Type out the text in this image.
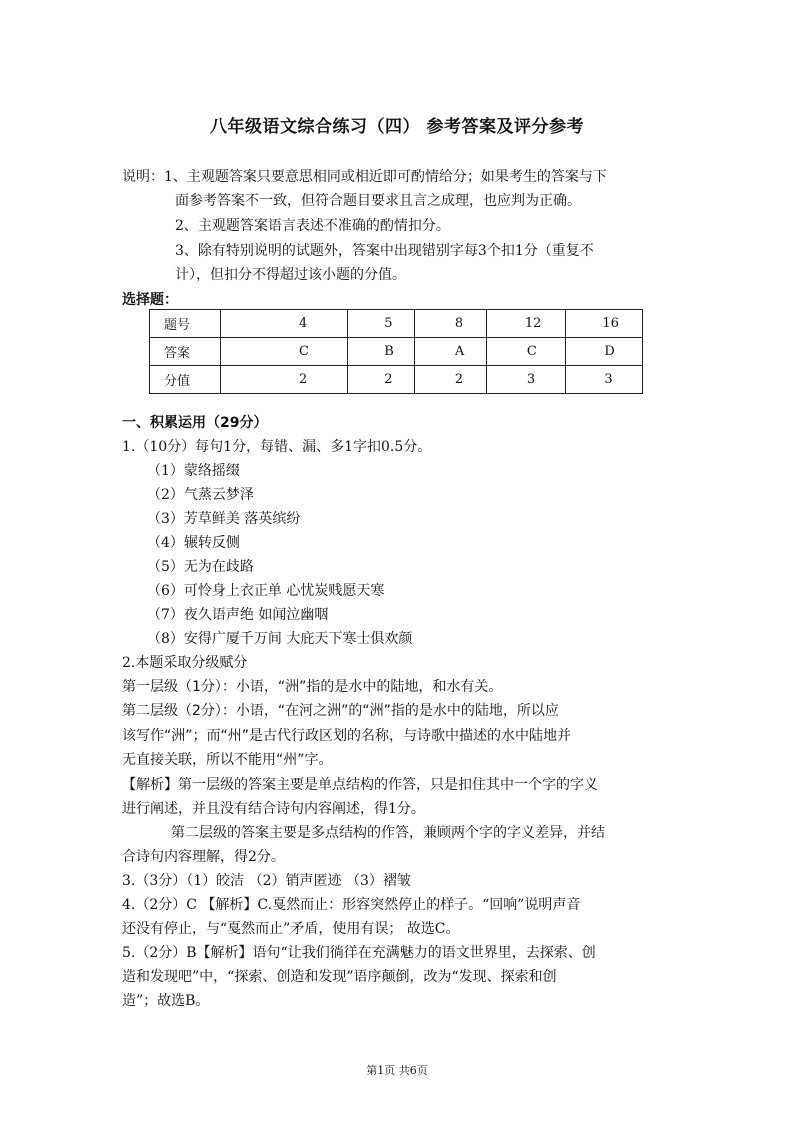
八年级语文综合练习（四） 参考答案及评分参考
说明：1、主观题答案只要意思相同或相近即可酌情给分；如果考生的答案与下
面参考答案不一致，但符合题目要求且言之成理，也应判为正确。
2、主观题答案语言表述不准确的酌情扣分。
3、除有特别说明的试题外，答案中出现错别字每3个扣1分（重复不
计），但扣分不得超过该小题的分值。
选择题：
题号	4	5	8	12	16
答案	C	B	A	C	D
分值	2	2	2	3	3
一、积累运用（29分）
1.（10分）每句1分，每错、漏、多1字扣0.5分。
（1）蒙络摇缀
（2）气蒸云梦泽
（3）芳草鲜美 落英缤纷
（4）辗转反侧
（5）无为在歧路
（6）可怜身上衣正单 心忧炭贱愿天寒
（7）夜久语声绝 如闻泣幽咽
（8）安得广厦千万间 大庇天下寒士俱欢颜
2.本题采取分级赋分
第一层级（1分）：小语，“洲”指的是水中的陆地，和水有关。
第二层级（2分）：小语，“在河之洲”的“洲”指的是水中的陆地，所以应
该写作“洲”；而“州”是古代行政区划的名称，与诗歌中描述的水中陆地并
无直接关联，所以不能用“州”字。
【解析】第一层级的答案主要是单点结构的作答，只是扣住其中一个字的字义
进行阐述，并且没有结合诗句内容阐述，得1分。
第二层级的答案主要是多点结构的作答，兼顾两个字的字义差异，并结
合诗句内容理解，得2分。
3.（3分）（1）皎洁 （2）销声匿迹 （3）褶皱
4.（2分）C 【解析】C.戛然而止：形容突然停止的样子。“回响”说明声音
还没有停止，与“戛然而止”矛盾，使用有误； 故选C。
5.（2分）B【解析】语句“让我们徜徉在充满魅力的语文世界里，去探索、创
造和发现吧”中，“探索、创造和发现”语序颠倒，改为“发现、探索和创
造”；故选B。
第1页 共6页
